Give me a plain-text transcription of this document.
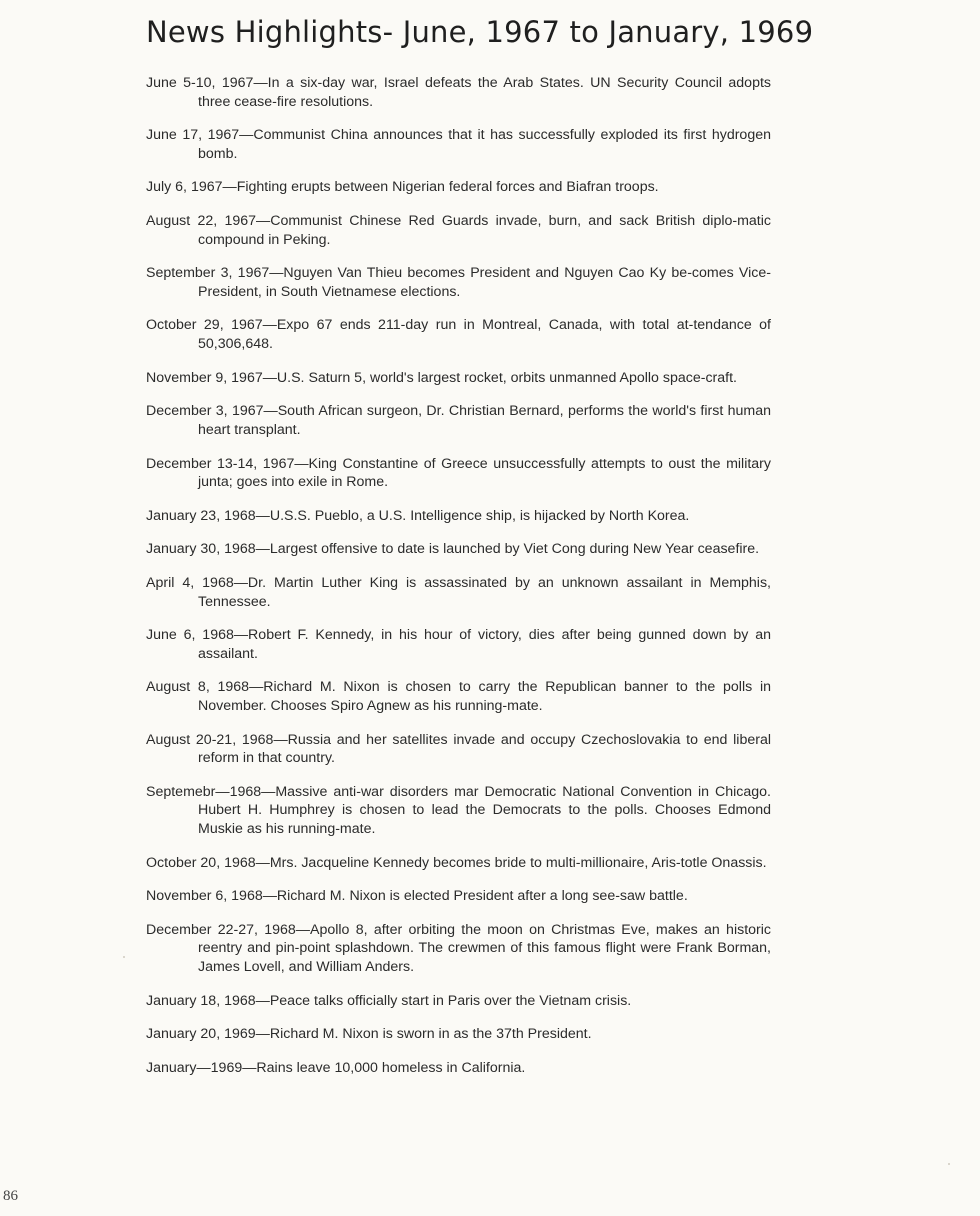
News Highlights- June, 1967 to January, 1969

June 5-10, 1967—In a six-day war, Israel defeats the Arab States. UN Security Council adopts three cease-fire resolutions.

June 17, 1967—Communist China announces that it has successfully exploded its first hydrogen bomb.

July 6, 1967—Fighting erupts between Nigerian federal forces and Biafran troops.

August 22, 1967—Communist Chinese Red Guards invade, burn, and sack British diplo-matic compound in Peking.

September 3, 1967—Nguyen Van Thieu becomes President and Nguyen Cao Ky be-comes Vice-President, in South Vietnamese elections.

October 29, 1967—Expo 67 ends 211-day run in Montreal, Canada, with total at-tendance of 50,306,648.

November 9, 1967—U.S. Saturn 5, world's largest rocket, orbits unmanned Apollo space-craft.

December 3, 1967—South African surgeon, Dr. Christian Bernard, performs the world's first human heart transplant.

December 13-14, 1967—King Constantine of Greece unsuccessfully attempts to oust the military junta; goes into exile in Rome.

January 23, 1968—U.S.S. Pueblo, a U.S. Intelligence ship, is hijacked by North Korea.

January 30, 1968—Largest offensive to date is launched by Viet Cong during New Year ceasefire.

April 4, 1968—Dr. Martin Luther King is assassinated by an unknown assailant in Memphis, Tennessee.

June 6, 1968—Robert F. Kennedy, in his hour of victory, dies after being gunned down by an assailant.

August 8, 1968—Richard M. Nixon is chosen to carry the Republican banner to the polls in November. Chooses Spiro Agnew as his running-mate.

August 20-21, 1968—Russia and her satellites invade and occupy Czechoslovakia to end liberal reform in that country.

Septemebr—1968—Massive anti-war disorders mar Democratic National Convention in Chicago. Hubert H. Humphrey is chosen to lead the Democrats to the polls. Chooses Edmond Muskie as his running-mate.

October 20, 1968—Mrs. Jacqueline Kennedy becomes bride to multi-millionaire, Aris-totle Onassis.

November 6, 1968—Richard M. Nixon is elected President after a long see-saw battle.

December 22-27, 1968—Apollo 8, after orbiting the moon on Christmas Eve, makes an historic reentry and pin-point splashdown. The crewmen of this famous flight were Frank Borman, James Lovell, and William Anders.

January 18, 1968—Peace talks officially start in Paris over the Vietnam crisis.

January 20, 1969—Richard M. Nixon is sworn in as the 37th President.

January—1969—Rains leave 10,000 homeless in California.

86
